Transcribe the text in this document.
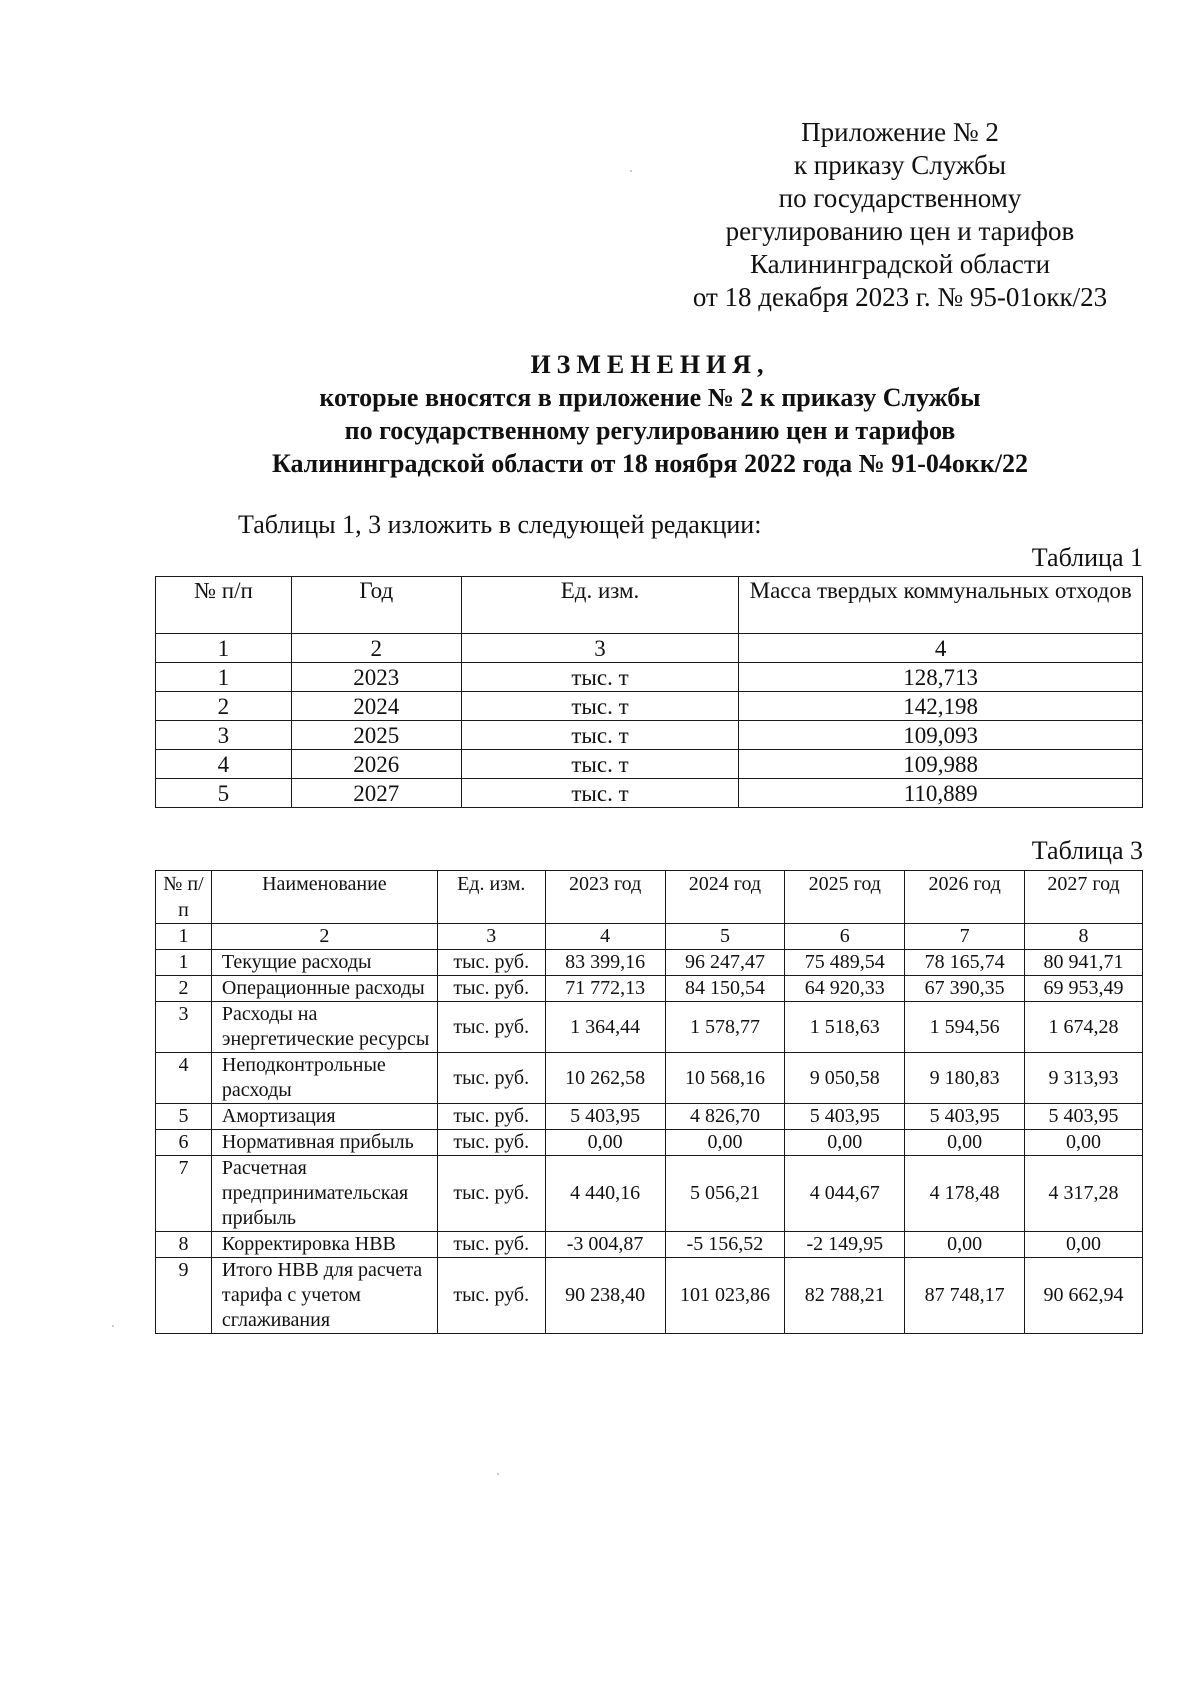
Приложение № 2
к приказу Службы
по государственному
регулированию цен и тарифов
Калининградской области
от 18 декабря 2023 г. № 95-01окк/23
ИЗМЕНЕНИЯ,
которые вносятся в приложение № 2 к приказу Службы
по государственному регулированию цен и тарифов
Калининградской области от 18 ноября 2022 года № 91-04окк/22
Таблицы 1, 3 изложить в следующей редакции:
Таблица 1
№ п/п	Год	Ед. изм.	Масса твердых коммунальных отходов
1	2	3	4
1	2023	тыс. т	128,713
2	2024	тыс. т	142,198
3	2025	тыс. т	109,093
4	2026	тыс. т	109,988
5	2027	тыс. т	110,889
Таблица 3
№ п/п	Наименование	Ед. изм.	2023 год	2024 год	2025 год	2026 год	2027 год
1	2	3	4	5	6	7	8
1	Текущие расходы	тыс. руб.	83 399,16	96 247,47	75 489,54	78 165,74	80 941,71
2	Операционные расходы	тыс. руб.	71 772,13	84 150,54	64 920,33	67 390,35	69 953,49
3	Расходы на энергетические ресурсы	тыс. руб.	1 364,44	1 578,77	1 518,63	1 594,56	1 674,28
4	Неподконтрольные расходы	тыс. руб.	10 262,58	10 568,16	9 050,58	9 180,83	9 313,93
5	Амортизация	тыс. руб.	5 403,95	4 826,70	5 403,95	5 403,95	5 403,95
6	Нормативная прибыль	тыс. руб.	0,00	0,00	0,00	0,00	0,00
7	Расчетная предпринимательская прибыль	тыс. руб.	4 440,16	5 056,21	4 044,67	4 178,48	4 317,28
8	Корректировка НВВ	тыс. руб.	-3 004,87	-5 156,52	-2 149,95	0,00	0,00
9	Итого НВВ для расчета тарифа с учетом сглаживания	тыс. руб.	90 238,40	101 023,86	82 788,21	87 748,17	90 662,94
